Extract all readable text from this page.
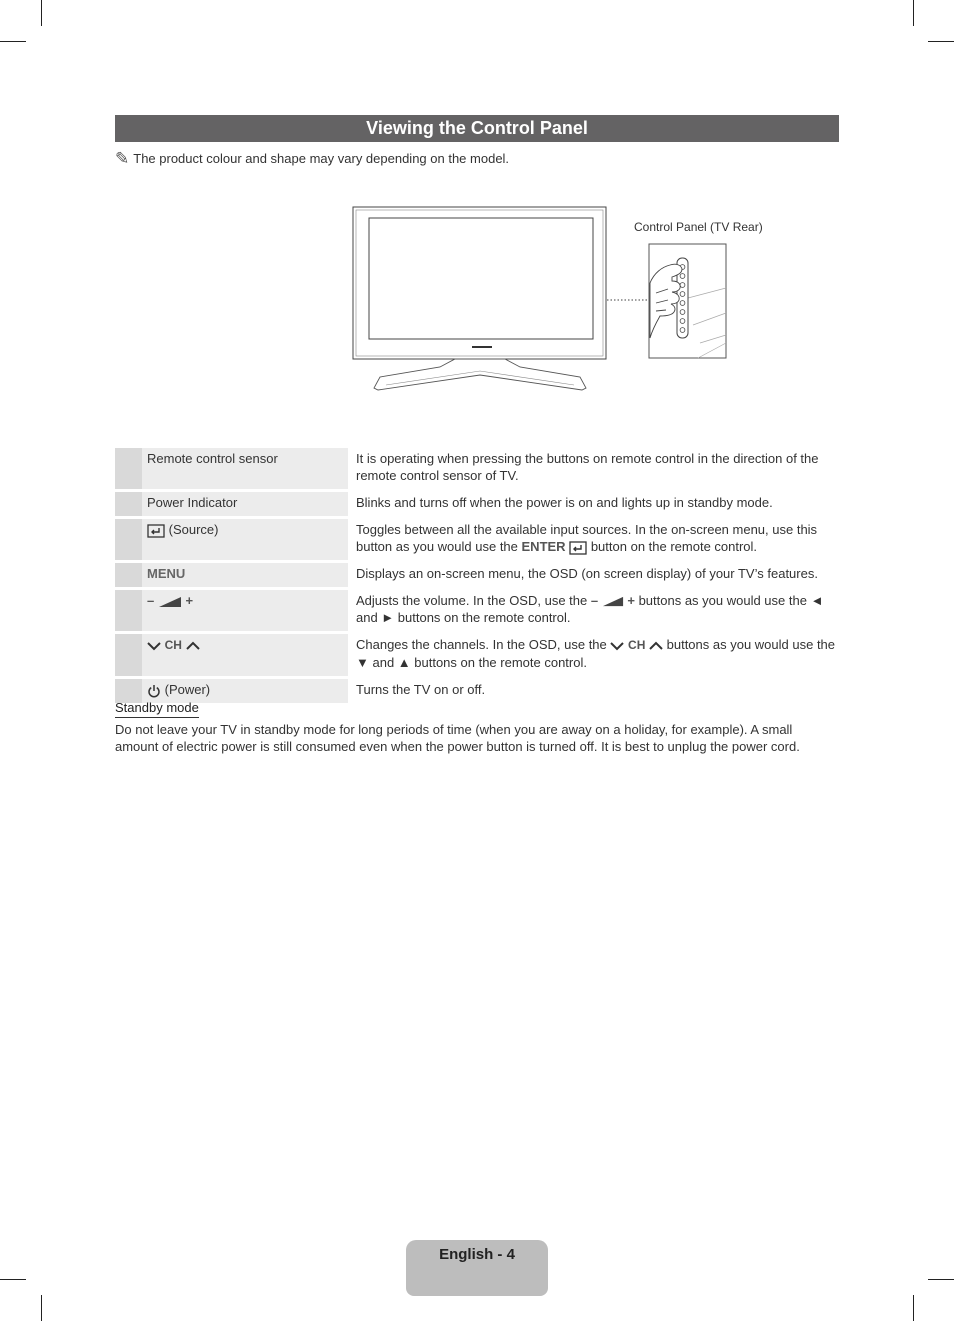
Viewing the Control Panel
✎ The product colour and shape may vary depending on the model.
Control Panel (TV Rear)
	Remote control sensor	It is operating when pressing the buttons on remote control in the direction of the remote control sensor of TV.
	Power Indicator	Blinks and turns off when the power is on and lights up in standby mode.
	(Source)	Toggles between all the available input sources. In the on-screen menu, use this button as you would use the ENTER button on the remote control.
	MENU	Displays an on-screen menu, the OSD (on screen display) of your TV’s features.
	– +	Adjusts the volume. In the OSD, use the – + buttons as you would use the ◄ and ► buttons on the remote control.
	CH	Changes the channels. In the OSD, use the CH buttons as you would use the ▼ and ▲ buttons on the remote control.
	(Power)	Turns the TV on or off.
Standby mode
Do not leave your TV in standby mode for long periods of time (when you are away on a holiday, for example). A small amount of electric power is still consumed even when the power button is turned off. It is best to unplug the power cord.
English - 4
